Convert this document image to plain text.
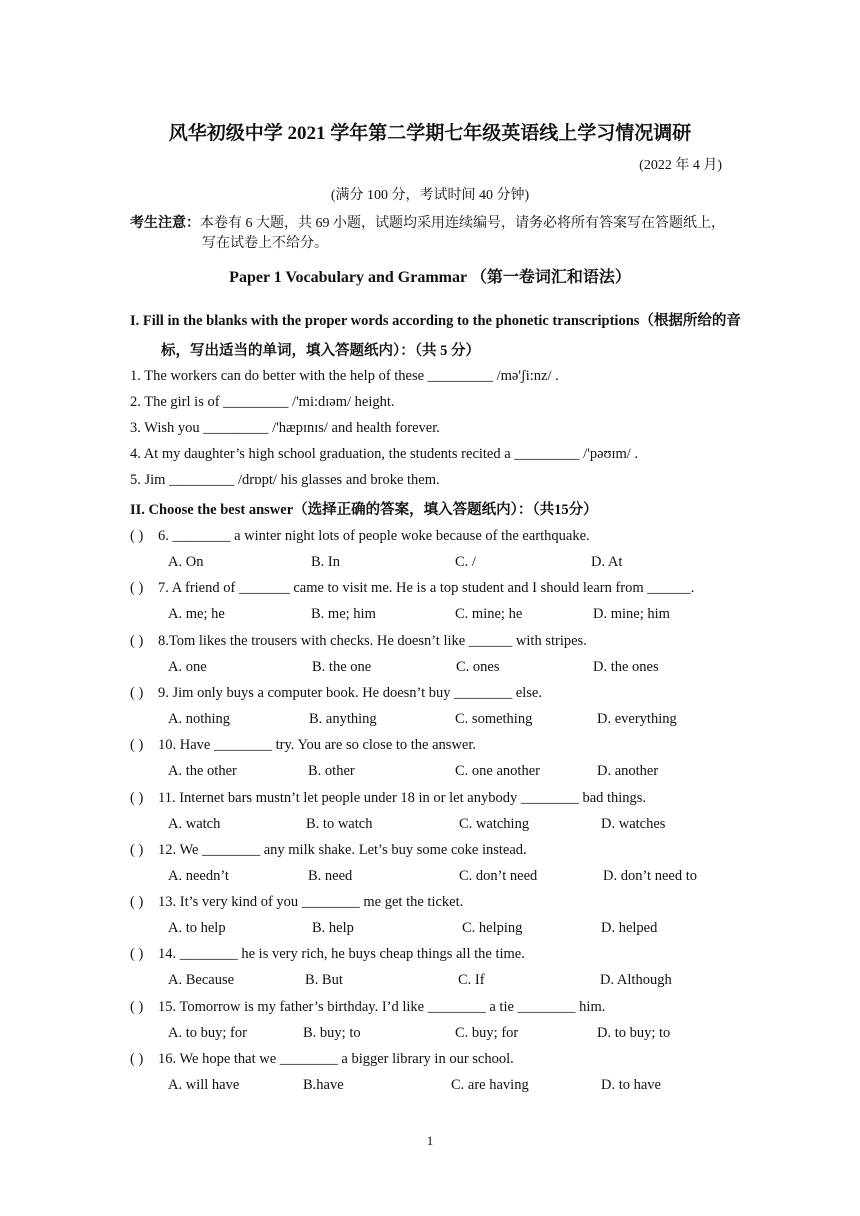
风华初级中学 2021 学年第二学期七年级英语线上学习情况调研
(2022 年 4 月)
(满分 100 分，考试时间 40 分钟)
考生注意：本卷有 6 大题，共 69 小题，试题均采用连续编号，请务必将所有答案写在答题纸上，
写在试卷上不给分。
Paper 1 Vocabulary and Grammar （第一卷词汇和语法）
I. Fill in the blanks with the proper words according to the phonetic transcriptions（根据所给的音
标，写出适当的单词，填入答题纸内）：（共 5 分）
1. The workers can do better with the help of these _________ /mə'ʃi:nz/ .
2. The girl is of _________ /'mi:dɪəm/ height.
3. Wish you _________ /'hæpɪnɪs/ and health forever.
4. At my daughter’s high school graduation, the students recited a _________ /'pəʊɪm/ .
5. Jim _________ /drɒpt/ his glasses and broke them.
II. Choose the best answer（选择正确的答案，填入答题纸内）：（共15分）
( ) 6. ________ a winter night lots of people woke because of the earthquake.
A. On	B. In	C. /	D. At
( ) 7. A friend of _______ came to visit me. He is a top student and I should learn from ______.
A. me; he	B. me; him	C. mine; he	D. mine; him
( ) 8.Tom likes the trousers with checks. He doesn’t like ______ with stripes.
A. one	B. the one	C. ones	D. the ones
( ) 9. Jim only buys a computer book. He doesn’t buy ________ else.
A. nothing	B. anything	C. something	D. everything
( ) 10. Have ________ try. You are so close to the answer.
A. the other	B. other	C. one another	D. another
( ) 11. Internet bars mustn’t let people under 18 in or let anybody ________ bad things.
A. watch	B. to watch	C. watching	D. watches
( ) 12. We ________ any milk shake. Let’s buy some coke instead.
A. needn’t	B. need	C. don’t need	D. don’t need to
( ) 13. It’s very kind of you ________ me get the ticket.
A. to help	B. help	C. helping	D. helped
( ) 14. ________ he is very rich, he buys cheap things all the time.
A. Because	B. But	C. If	D. Although
( ) 15. Tomorrow is my father’s birthday. I’d like ________ a tie ________ him.
A. to buy; for	B. buy; to	C. buy; for	D. to buy; to
( ) 16. We hope that we ________ a bigger library in our school.
A. will have	B.have	C. are having	D. to have
1
